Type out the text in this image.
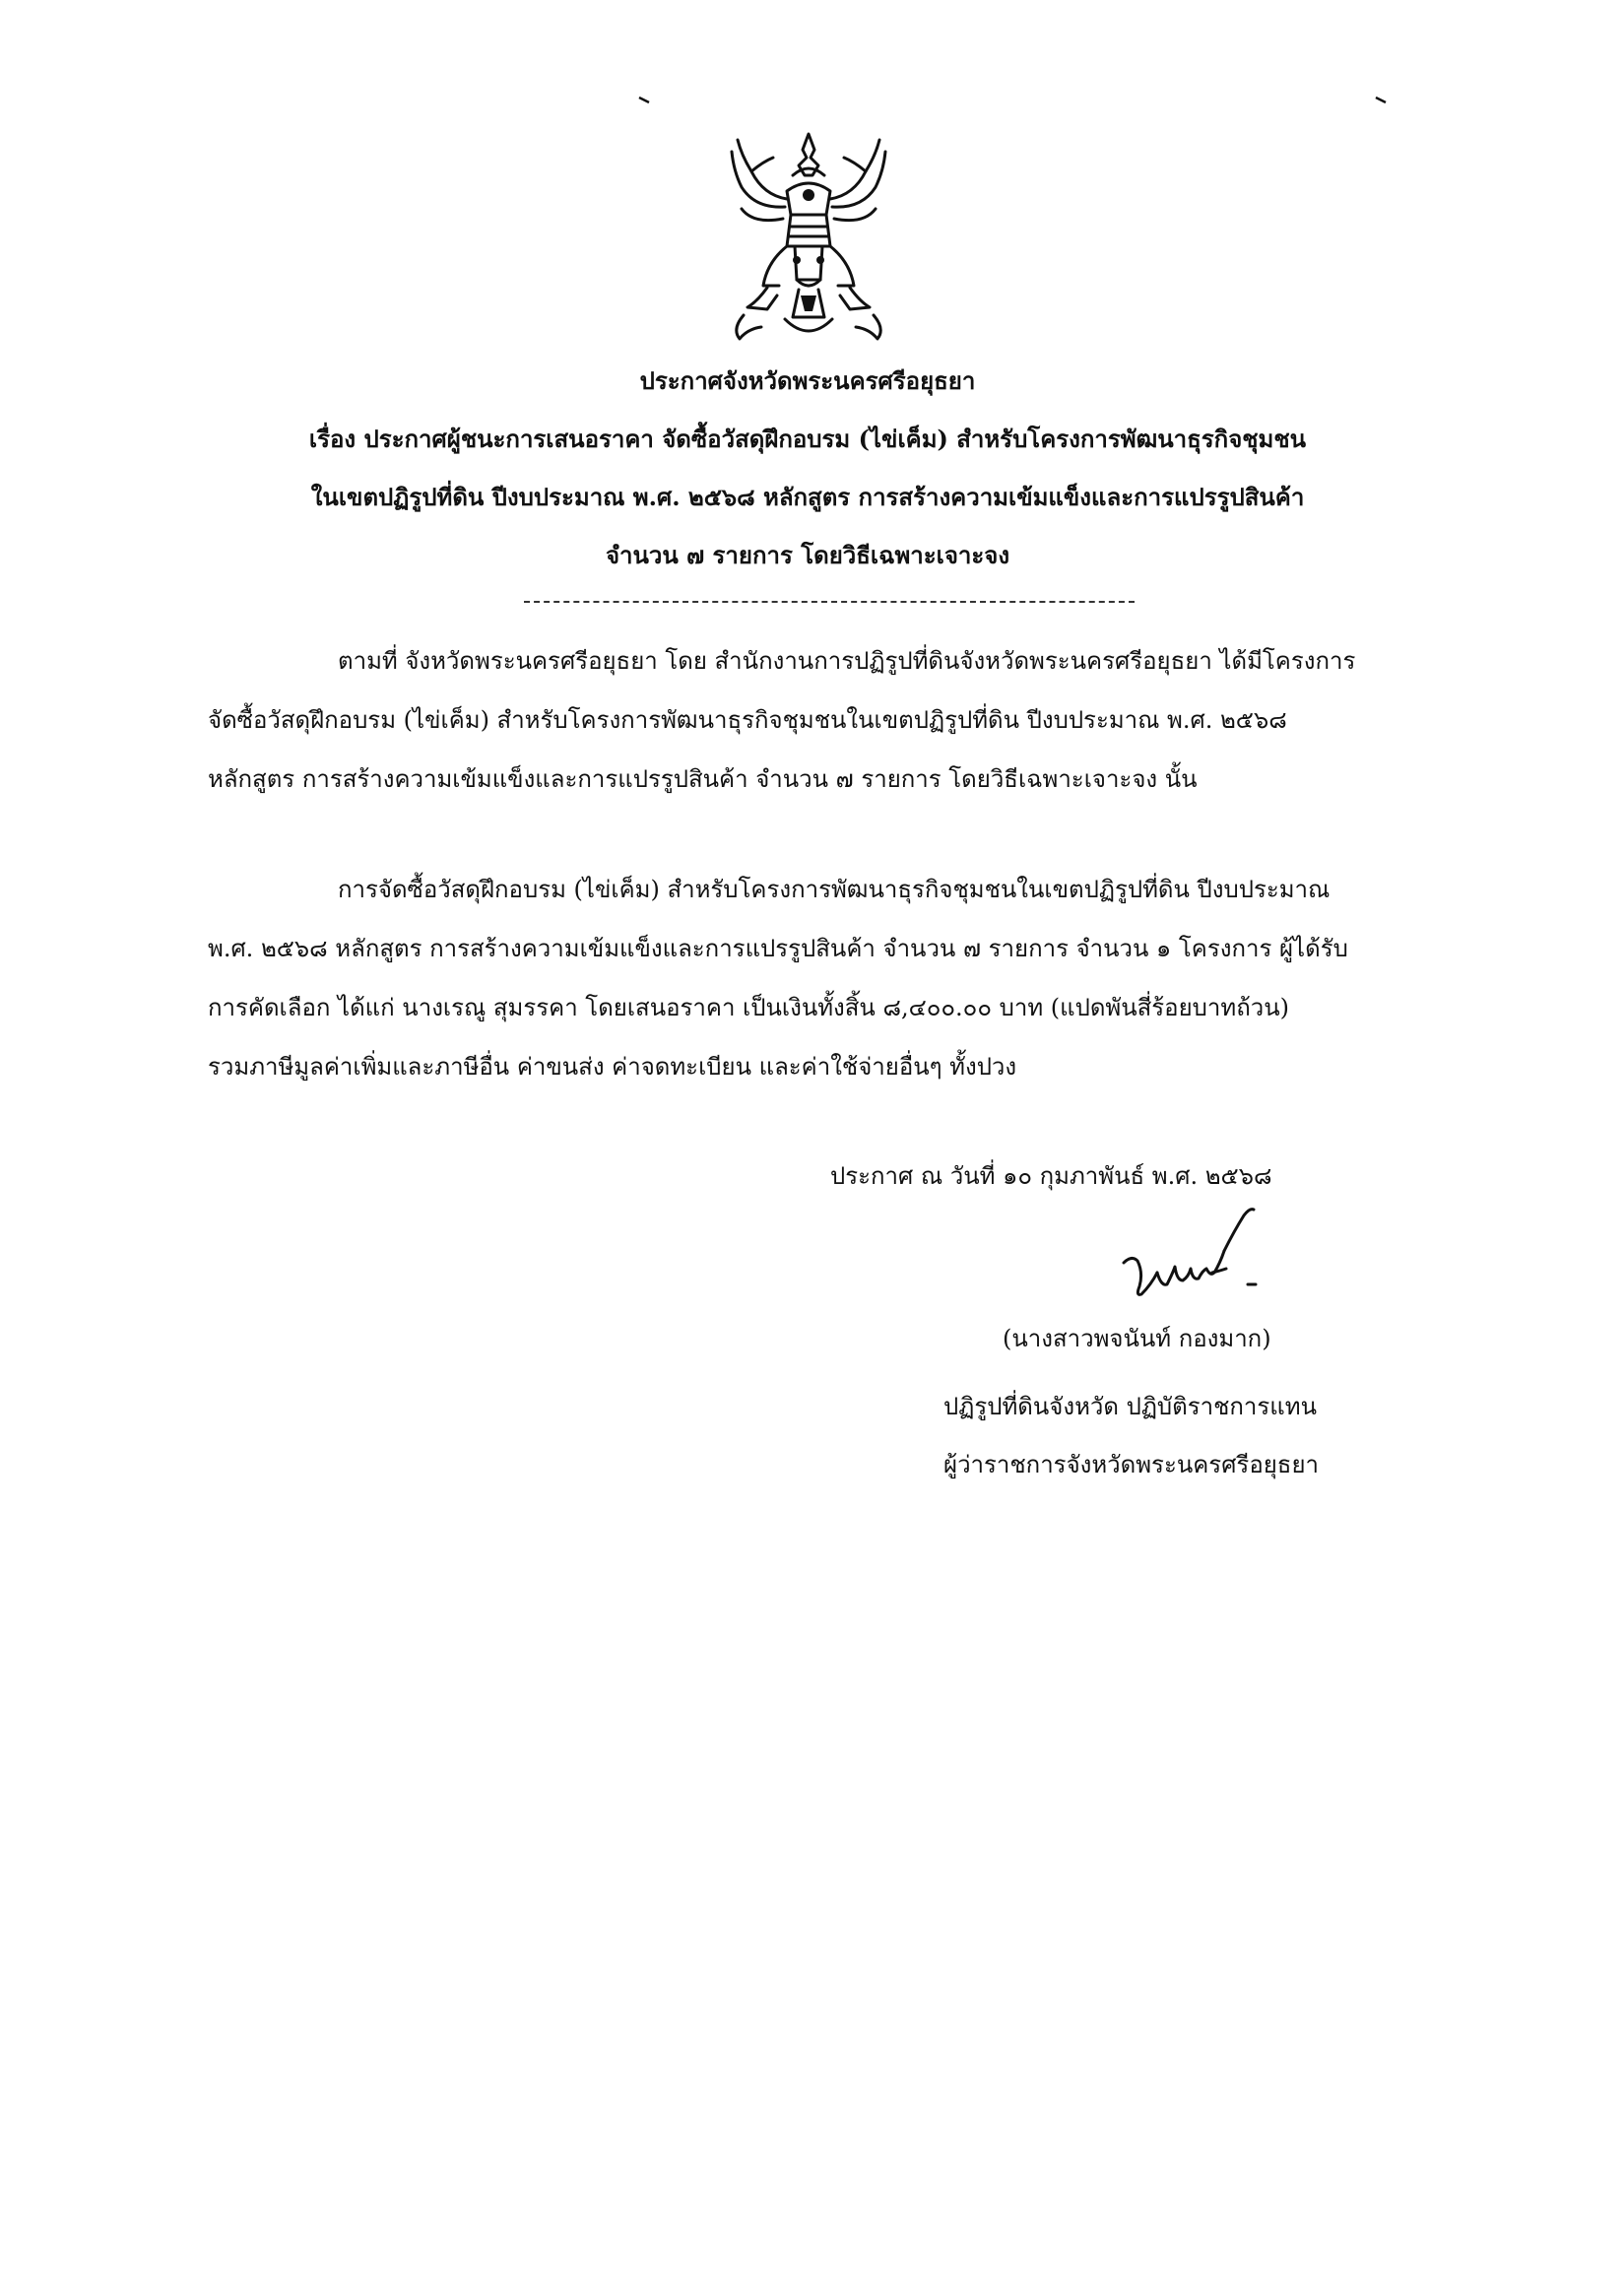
ประกาศจังหวัดพระนครศรีอยุธยา
เรื่อง ประกาศผู้ชนะการเสนอราคา จัดซื้อวัสดุฝึกอบรม (ไข่เค็ม) สำหรับโครงการพัฒนาธุรกิจชุมชน
ในเขตปฏิรูปที่ดิน ปีงบประมาณ พ.ศ. ๒๕๖๘ หลักสูตร การสร้างความเข้มแข็งและการแปรรูปสินค้า
จำนวน ๗ รายการ โดยวิธีเฉพาะเจาะจง
ตามที่ จังหวัดพระนครศรีอยุธยา โดย สำนักงานการปฏิรูปที่ดินจังหวัดพระนครศรีอยุธยา ได้มีโครงการ
จัดซื้อวัสดุฝึกอบรม (ไข่เค็ม) สำหรับโครงการพัฒนาธุรกิจชุมชนในเขตปฏิรูปที่ดิน ปีงบประมาณ พ.ศ. ๒๕๖๘
หลักสูตร การสร้างความเข้มแข็งและการแปรรูปสินค้า จำนวน ๗ รายการ โดยวิธีเฉพาะเจาะจง นั้น
การจัดซื้อวัสดุฝึกอบรม (ไข่เค็ม) สำหรับโครงการพัฒนาธุรกิจชุมชนในเขตปฏิรูปที่ดิน ปีงบประมาณ
พ.ศ. ๒๕๖๘ หลักสูตร การสร้างความเข้มแข็งและการแปรรูปสินค้า จำนวน ๗ รายการ จำนวน ๑ โครงการ ผู้ได้รับ
การคัดเลือก ได้แก่ นางเรณู สุมรรคา โดยเสนอราคา เป็นเงินทั้งสิ้น ๘,๔๐๐.๐๐ บาท (แปดพันสี่ร้อยบาทถ้วน)
รวมภาษีมูลค่าเพิ่มและภาษีอื่น ค่าขนส่ง ค่าจดทะเบียน และค่าใช้จ่ายอื่นๆ ทั้งปวง
ประกาศ ณ วันที่ ๑๐ กุมภาพันธ์ พ.ศ. ๒๕๖๘
(นางสาวพจนันท์ กองมาก)
ปฏิรูปที่ดินจังหวัด ปฏิบัติราชการแทน
ผู้ว่าราชการจังหวัดพระนครศรีอยุธยา
